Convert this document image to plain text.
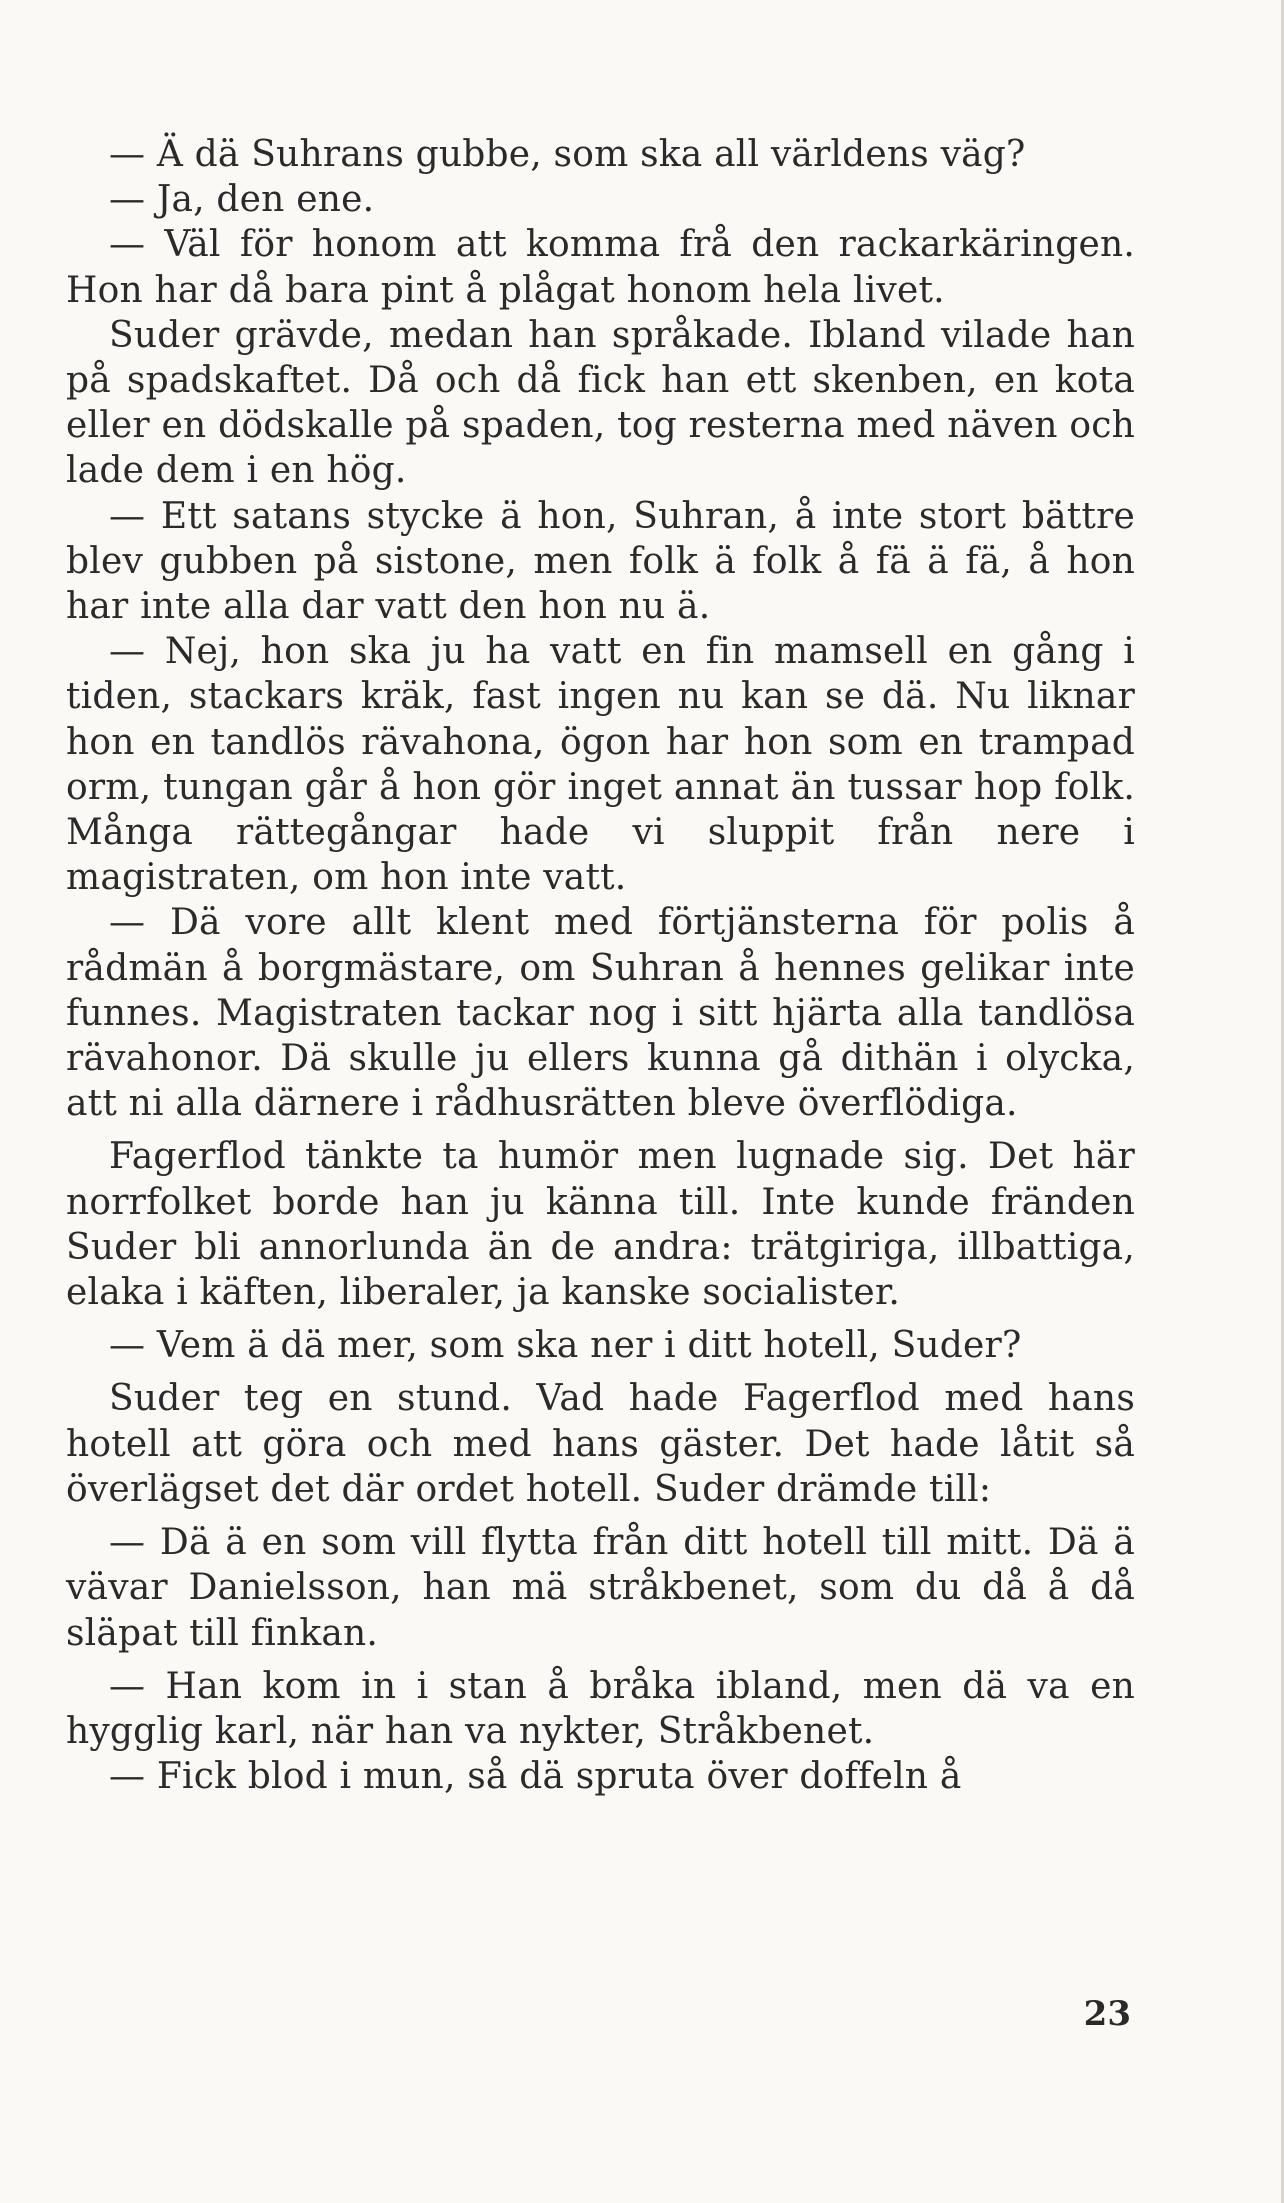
— Ä dä Suhrans gubbe, som ska all världens väg?

— Ja, den ene.

— Väl för honom att komma frå den rackarkäringen. Hon har då bara pint å plågat honom hela livet.

Suder grävde, medan han språkade. Ibland vilade han på spadskaftet. Då och då fick han ett skenben, en kota eller en dödskalle på spaden, tog resterna med näven och lade dem i en hög.

— Ett satans stycke ä hon, Suhran, å inte stort bättre blev gubben på sistone, men folk ä folk å fä ä fä, å hon har inte alla dar vatt den hon nu ä.

— Nej, hon ska ju ha vatt en fin mamsell en gång i tiden, stackars kräk, fast ingen nu kan se dä. Nu liknar hon en tandlös rävahona, ögon har hon som en trampad orm, tungan går å hon gör inget annat än tussar hop folk. Många rättegångar hade vi sluppit från nere i magistraten, om hon inte vatt.

— Dä vore allt klent med förtjänsterna för polis å rådmän å borgmästare, om Suhran å hennes gelikar inte funnes. Magistraten tackar nog i sitt hjärta alla tandlösa rävahonor. Dä skulle ju ellers kunna gå dithän i olycka, att ni alla därnere i rådhusrätten bleve överflödiga.

Fagerflod tänkte ta humör men lugnade sig. Det här norrfolket borde han ju känna till. Inte kunde fränden Suder bli annorlunda än de andra: trätgiriga, illbattiga, elaka i käften, liberaler, ja kanske socialister.

— Vem ä dä mer, som ska ner i ditt hotell, Suder?

Suder teg en stund. Vad hade Fagerflod med hans hotell att göra och med hans gäster. Det hade låtit så överlägset det där ordet hotell. Suder drämde till:

— Dä ä en som vill flytta från ditt hotell till mitt. Dä ä vävar Danielsson, han mä stråkbenet, som du då å då släpat till finkan.

— Han kom in i stan å bråka ibland, men dä va en hygglig karl, när han va nykter, Stråkbenet.

— Fick blod i mun, så dä spruta över doffeln å

23
